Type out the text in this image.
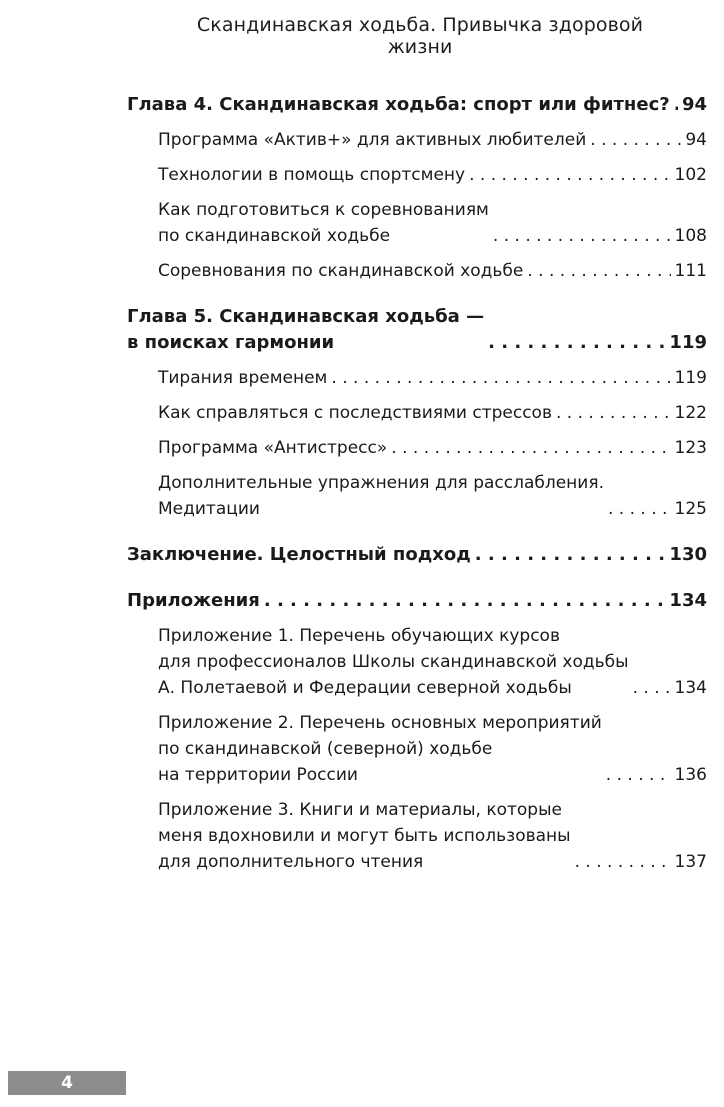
Скандинавская ходьба. Привычка здоровой жизни
Глава 4. Скандинавская ходьба: спорт или фитнес? . . . 94
Программа «Актив+» для активных любителей . . .	94
Технологии в помощь спортсмену . . .	102
Как подготовиться к соревнованиям
по скандинавской ходьбе . . .	108
Соревнования по скандинавской ходьбе . . .	111
Глава 5. Скандинавская ходьба —
в поисках гармонии . . .	119
Тирания временем . . .	119
Как справляться с последствиями стрессов . . .	122
Программа «Антистресс» . . .	123
Дополнительные упражнения для расслабления.
Медитации . . .	125
Заключение. Целостный подход . . .	130
Приложения . . .	134
Приложение 1. Перечень обучающих курсов
для профессионалов Школы скандинавской ходьбы
А. Полетаевой и Федерации северной ходьбы . . .	134
Приложение 2. Перечень основных мероприятий
по скандинавской (северной) ходьбе
на территории России . . .	136
Приложение 3. Книги и материалы, которые
меня вдохновили и могут быть использованы
для дополнительного чтения . . .	137
4
